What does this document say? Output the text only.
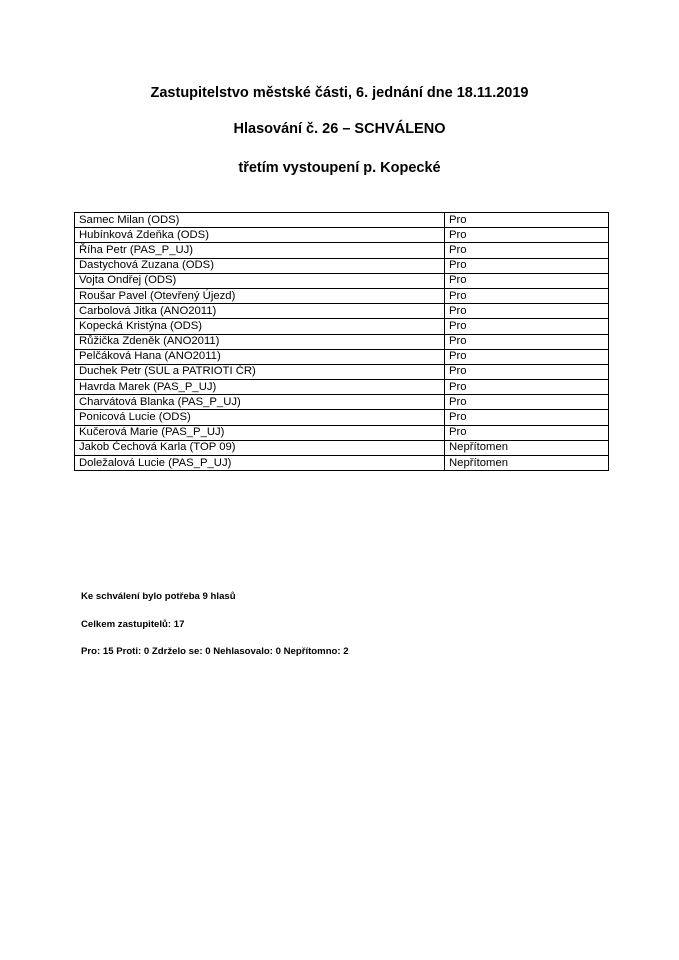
Zastupitelstvo městské části, 6. jednání dne 18.11.2019
Hlasování č. 26 – SCHVÁLENO
třetím vystoupení p. Kopecké
Samec Milan (ODS)	Pro
Hubínková Zdeňka (ODS)	Pro
Říha Petr (PAS_P_UJ)	Pro
Dastychová Zuzana (ODS)	Pro
Vojta Ondřej (ODS)	Pro
Roušar Pavel (Otevřený Újezd)	Pro
Carbolová Jitka (ANO2011)	Pro
Kopecká Kristýna (ODS)	Pro
Růžička Zdeněk (ANO2011)	Pro
Pelčáková Hana (ANO2011)	Pro
Duchek Petr (SÚL a PATRIOTI ČR)	Pro
Havrda Marek (PAS_P_UJ)	Pro
Charvátová Blanka (PAS_P_UJ)	Pro
Ponicová Lucie (ODS)	Pro
Kučerová Marie (PAS_P_UJ)	Pro
Jakob Čechová Karla (TOP 09)	Nepřítomen
Doležalová Lucie (PAS_P_UJ)	Nepřítomen
Ke schválení bylo potřeba 9 hlasů
Celkem zastupitelů: 17
Pro: 15 Proti: 0 Zdrželo se: 0 Nehlasovalo: 0 Nepřítomno: 2
